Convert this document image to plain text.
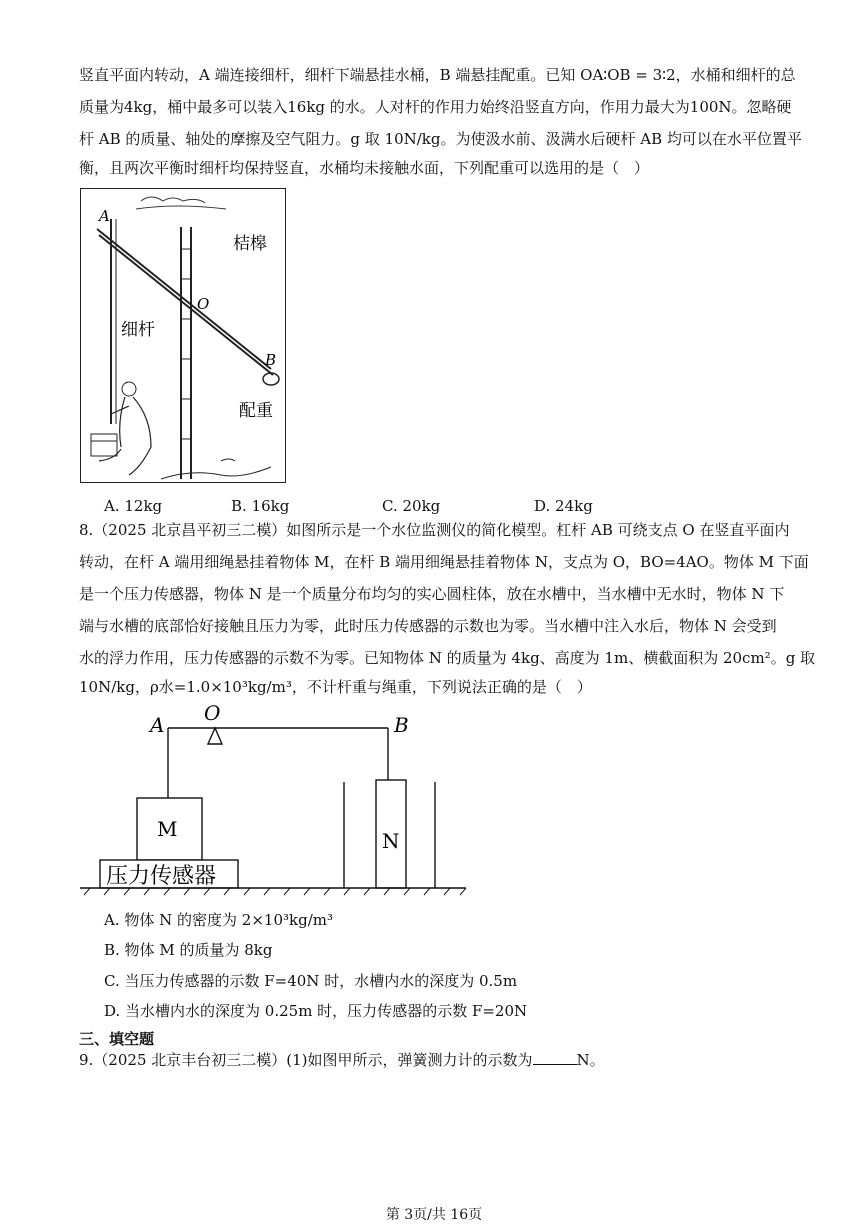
竖直平面内转动，A 端连接细杆，细杆下端悬挂水桶，B 端悬挂配重。已知 OA∶OB = 3∶2，水桶和细杆的总
质量为4kg，桶中最多可以装入16kg 的水。人对杆的作用力始终沿竖直方向，作用力最大为100N。忽略硬
杆 AB 的质量、轴处的摩擦及空气阻力。g 取 10N/kg。为使汲水前、汲满水后硬杆 AB 均可以在水平位置平
衡，且两次平衡时细杆均保持竖直，水桶均未接触水面，下列配重可以选用的是（　）
A
O
B
桔槔
细杆
配重
A. 12kg	B. 16kg	C. 20kg	D. 24kg
8.（2025 北京昌平初三二模）如图所示是一个水位监测仪的简化模型。杠杆 AB 可绕支点 O 在竖直平面内
转动，在杆 A 端用细绳悬挂着物体 M，在杆 B 端用细绳悬挂着物体 N，支点为 O，BO=4AO。物体 M 下面
是一个压力传感器，物体 N 是一个质量分布均匀的实心圆柱体，放在水槽中，当水槽中无水时，物体 N 下
端与水槽的底部恰好接触且压力为零，此时压力传感器的示数也为零。当水槽中注入水后，物体 N 会受到
水的浮力作用，压力传感器的示数不为零。已知物体 N 的质量为 4kg、高度为 1m、横截面积为 20cm²。g 取
10N/kg，ρ水=1.0×10³kg/m³，不计杆重与绳重，下列说法正确的是（　）
A O	B
M	N
压力传感器
A. 物体 N 的密度为 2×10³kg/m³
B. 物体 M 的质量为 8kg
C. 当压力传感器的示数 F=40N 时，水槽内水的深度为 0.5m
D. 当水槽内水的深度为 0.25m 时，压力传感器的示数 F=20N
三、填空题
9.（2025 北京丰台初三二模）(1)如图甲所示，弹簧测力计的示数为	N。
第 3页/共 16页
